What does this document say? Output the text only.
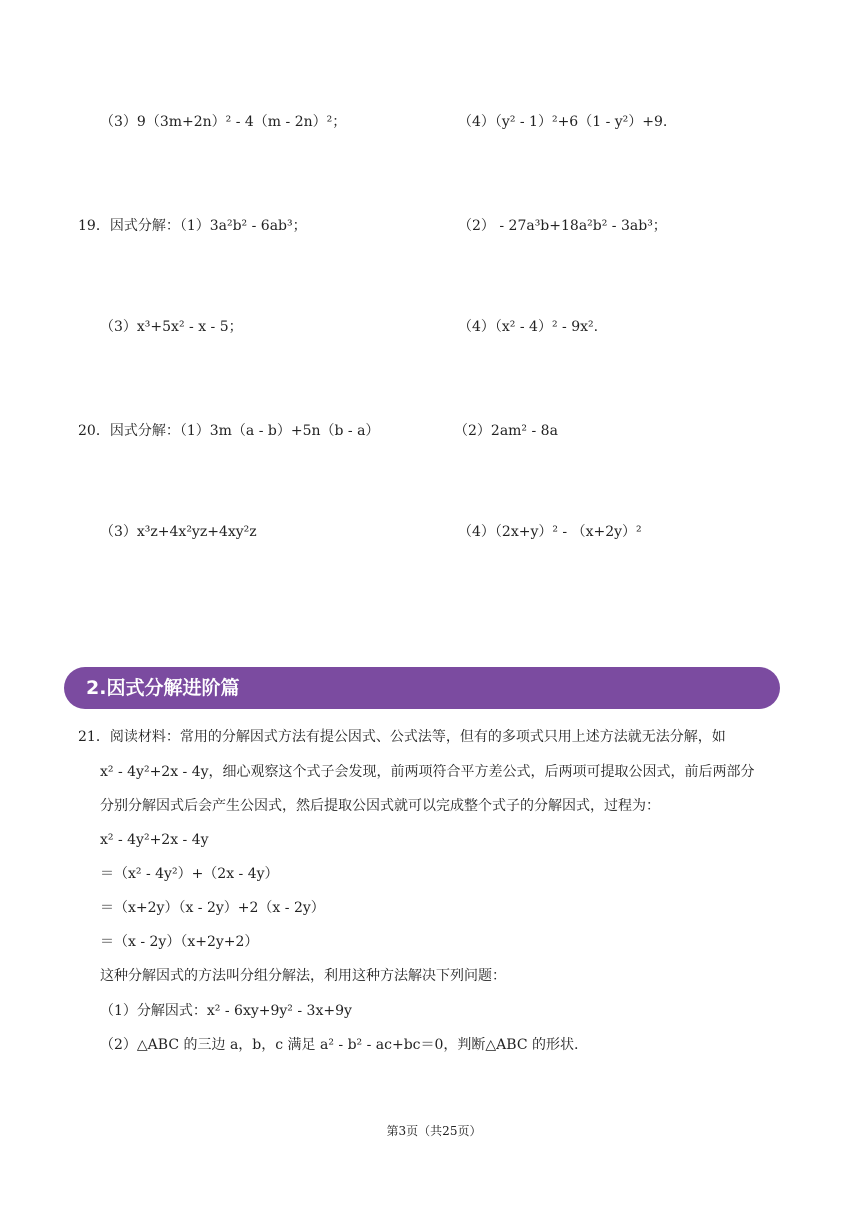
（3）9（3m+2n）² - 4（m - 2n）²；	（4）（y² - 1）²+6（1 - y²）+9.
19．因式分解：（1）3a²b² - 6ab³；	（2） - 27a³b+18a²b² - 3ab³；
（3）x³+5x² - x - 5；	（4）（x² - 4）² - 9x².
20．因式分解：（1）3m（a - b）+5n（b - a）	（2）2am² - 8a
（3）x³z+4x²yz+4xy²z	（4）（2x+y）² - （x+2y）²
2.因式分解进阶篇
21．阅读材料：常用的分解因式方法有提公因式、公式法等，但有的多项式只用上述方法就无法分解，如
x² - 4y²+2x - 4y，细心观察这个式子会发现，前两项符合平方差公式，后两项可提取公因式，前后两部分
分别分解因式后会产生公因式，然后提取公因式就可以完成整个式子的分解因式，过程为：
x² - 4y²+2x - 4y
＝（x² - 4y²）+（2x - 4y）
＝（x+2y）（x - 2y）+2（x - 2y）
＝（x - 2y）（x+2y+2）
这种分解因式的方法叫分组分解法，利用这种方法解决下列问题：
（1）分解因式：x² - 6xy+9y² - 3x+9y
（2）△ABC 的三边 a，b，c 满足 a² - b² - ac+bc＝0，判断△ABC 的形状.
第3页（共25页）
